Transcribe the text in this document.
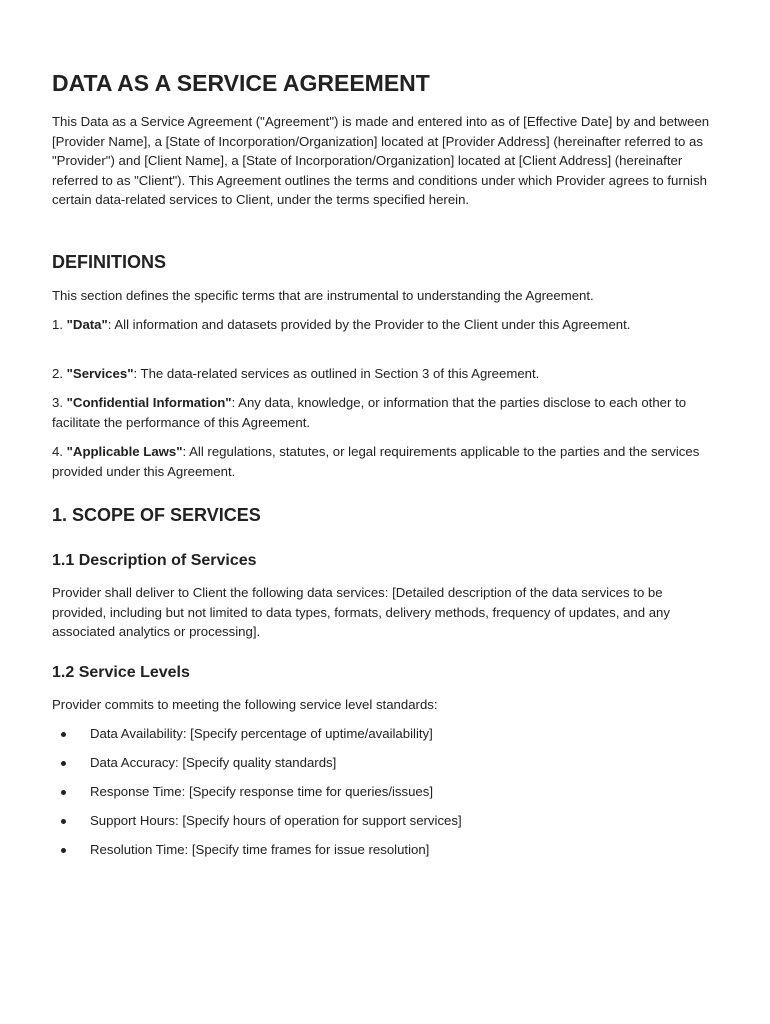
DATA AS A SERVICE AGREEMENT

This Data as a Service Agreement ("Agreement") is made and entered into as of [Effective Date] by and between [Provider Name], a [State of Incorporation/Organization] located at [Provider Address] (hereinafter referred to as "Provider") and [Client Name], a [State of Incorporation/Organization] located at [Client Address] (hereinafter referred to as "Client"). This Agreement outlines the terms and conditions under which Provider agrees to furnish certain data-related services to Client, under the terms specified herein.

DEFINITIONS

This section defines the specific terms that are instrumental to understanding the Agreement.

1. "Data": All information and datasets provided by the Provider to the Client under this Agreement.

2. "Services": The data-related services as outlined in Section 3 of this Agreement.

3. "Confidential Information": Any data, knowledge, or information that the parties disclose to each other to facilitate the performance of this Agreement.

4. "Applicable Laws": All regulations, statutes, or legal requirements applicable to the parties and the services provided under this Agreement.

1. SCOPE OF SERVICES
1.1 Description of Services

Provider shall deliver to Client the following data services: [Detailed description of the data services to be provided, including but not limited to data types, formats, delivery methods, frequency of updates, and any associated analytics or processing].

1.2 Service Levels

Provider commits to meeting the following service level standards:

Data Availability: [Specify percentage of uptime/availability]
Data Accuracy: [Specify quality standards]
Response Time: [Specify response time for queries/issues]
Support Hours: [Specify hours of operation for support services]
Resolution Time: [Specify time frames for issue resolution]
